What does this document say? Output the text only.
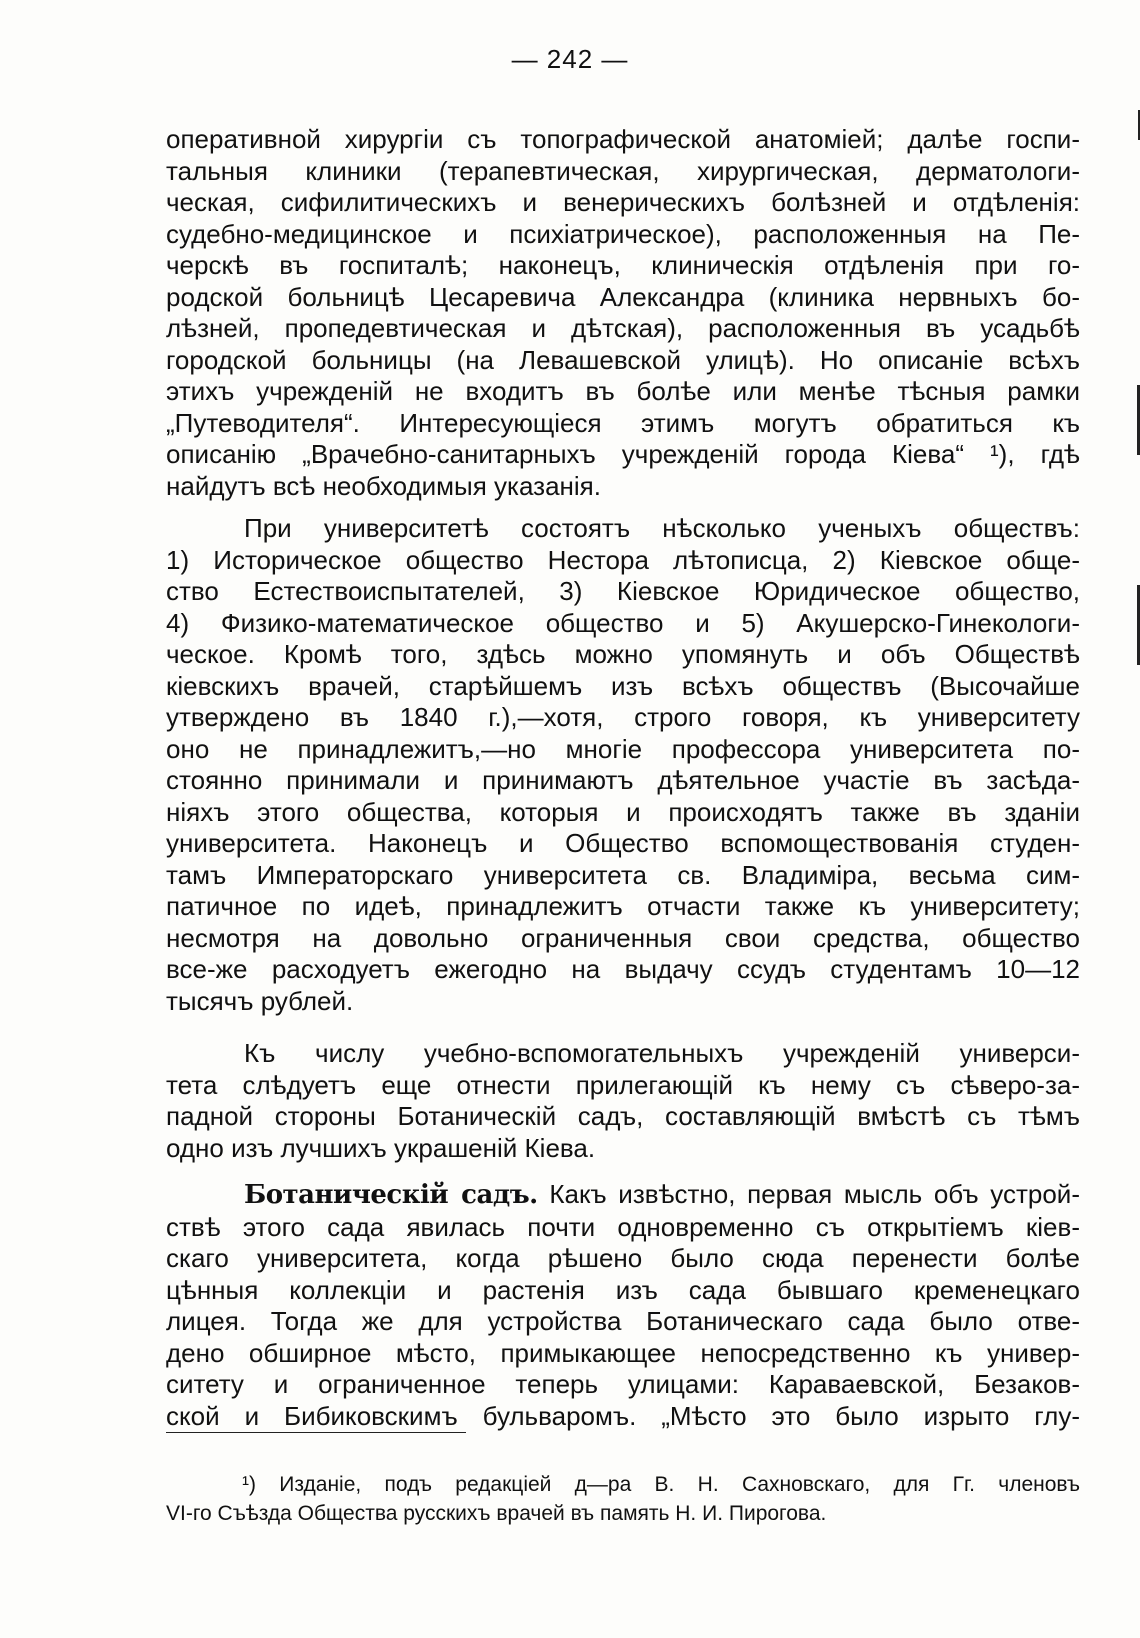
— 242 —
оперативной хирургіи съ топографической анатоміей; далѣе госпи-
тальныя клиники (терапевтическая, хирургическая, дерматологи-
ческая, сифилитическихъ и венерическихъ болѣзней и отдѣленія:
судебно-медицинское и психіатрическое), расположенныя на Пе-
черскѣ въ госпиталѣ; наконецъ, клиническія отдѣленія при го-
родской больницѣ Цесаревича Александра (клиника нервныхъ бо-
лѣзней, пропедевтическая и дѣтская), расположенныя въ усадьбѣ
городской больницы (на Левашевской улицѣ). Но описаніе всѣхъ
этихъ учрежденій не входитъ въ болѣе или менѣе тѣсныя рамки
„Путеводителя“. Интересующіеся этимъ могутъ обратиться къ
описанію „Врачебно-санитарныхъ учрежденій города Кіева“ ¹), гдѣ
найдутъ всѣ необходимыя указанія.
При университетѣ состоятъ нѣсколько ученыхъ обществъ:
1) Историческое общество Нестора лѣтописца, 2) Кіевское обще-
ство Естествоиспытателей, 3) Кіевское Юридическое общество,
4) Физико-математическое общество и 5) Акушерско-Гинекологи-
ческое. Кромѣ того, здѣсь можно упомянуть и объ Обществѣ
кіевскихъ врачей, старѣйшемъ изъ всѣхъ обществъ (Высочайше
утверждено въ 1840 г.),—хотя, строго говоря, къ университету
оно не принадлежитъ,—но многіе профессора университета по-
стоянно принимали и принимаютъ дѣятельное участіе въ засѣда-
ніяхъ этого общества, которыя и происходятъ также въ зданіи
университета. Наконецъ и Общество вспомоществованія студен-
тамъ Императорскаго университета св. Владиміра, весьма сим-
патичное по идеѣ, принадлежитъ отчасти также къ университету;
несмотря на довольно ограниченныя свои средства, общество
все-же расходуетъ ежегодно на выдачу ссудъ студентамъ 10—12
тысячъ рублей.
Къ числу учебно-вспомогательныхъ учрежденій универси-
тета слѣдуетъ еще отнести прилегающій къ нему съ сѣверо-за-
падной стороны Ботаническій садъ, составляющій вмѣстѣ съ тѣмъ
одно изъ лучшихъ украшеній Кіева.
Ботаническій садъ. Какъ извѣстно, первая мысль объ устрой-
ствѣ этого сада явилась почти одновременно съ открытіемъ кіев-
скаго университета, когда рѣшено было сюда перенести болѣе
цѣнныя коллекціи и растенія изъ сада бывшаго кременецкаго
лицея. Тогда же для устройства Ботаническаго сада было отве-
дено обширное мѣсто, примыкающее непосредственно къ универ-
ситету и ограниченное теперь улицами: Караваевской, Безаков-
ской и Бибиковскимъ бульваромъ. „Мѣсто это было изрыто глу-
¹) Изданіе, подъ редакціей д—ра В. Н. Сахновскаго, для Гг. членовъ
VI-го Съѣзда Общества русскихъ врачей въ память Н. И. Пирогова.
